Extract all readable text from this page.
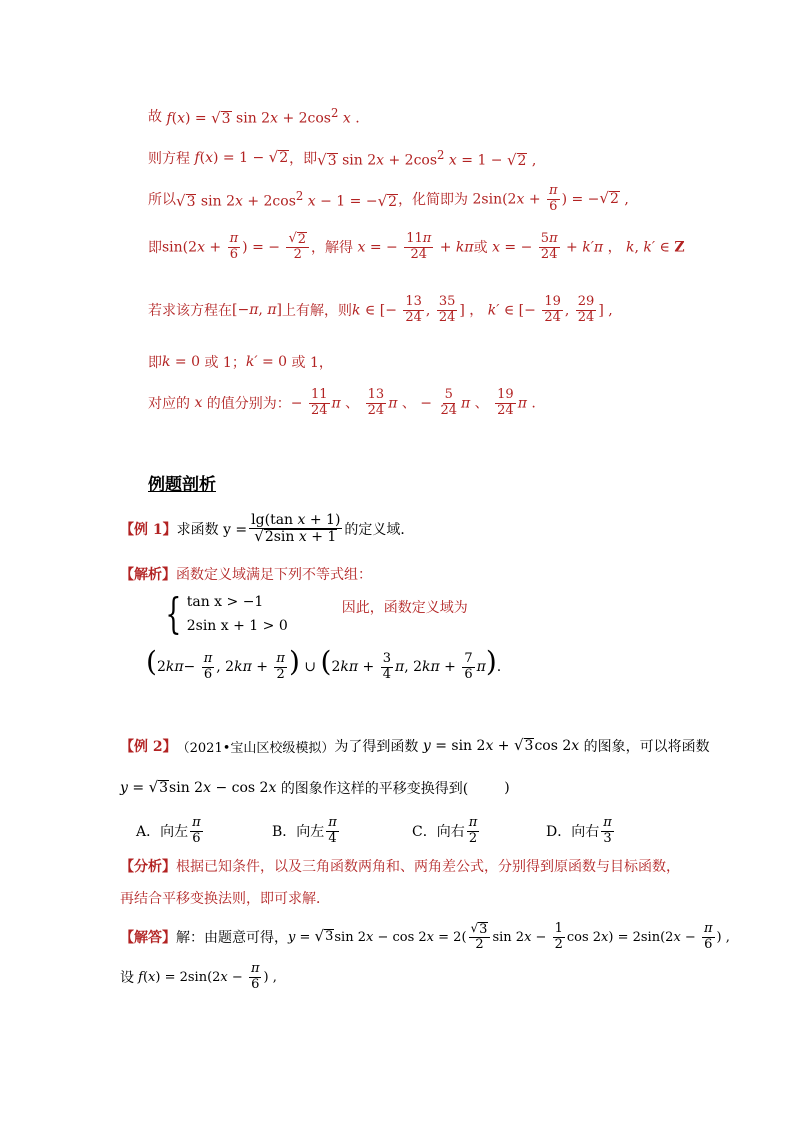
故 f(x) = √ 3 $\sin 2x + 2\cos^2$ x .
则方程 f(x) = 1 − √ 2 ，即 √ 3 $\sin 2x + 2\cos^2$ x = 1 − √ 2 ,
所以 √ 3 $\sin 2x + 2\cos^2$ x − 1 = − √ 2 ，化简即为 $2\sin(2x + \frac{\pi}{6}$ ) = − √ 2 ,
即 $\sin(2x + \frac{\pi}{6}$ ) = − $\frac{√ 2}{2}$ ，解得 x = − $\frac{11\pi}{24} + k\pi$ 或 x = − $\frac{5\pi}{24} + k'\pi$ ， k, k′ ∈ Z
若求该方程在 [−π, π] 上有解，则 k ∈ [− $\frac{13}{24}$ , $\frac{35}{24}$ ] ， k′ ∈ [− $\frac{19}{24}$ , $\frac{29}{24}$ ] ,
即 k = 0 或 1； k′ = 0 或 1，
对应的 x 的值分别为： − $\frac{11}{24}$ π 、 $\frac{13}{24}$ π 、 − $\frac{5}{24}$ π 、 $\frac{19}{24}$ π .
例题剖析
【例 1】 求函数 $y = \frac{\text{lg(tan x + 1)}}{\text{√ 2sin x + 1}}$ 的定义域．
【解析】 函数定义域满足下列不等式组：
{ tan x > −1
2sin x + 1 > 0
因此，函数定义域为
($2k\pi- \frac{\pi}{6}$ , $2k\pi + \frac{\pi}{2}$ ) ∪ ($2k\pi + \frac{3}{4} \pi$, $2k\pi + \frac{7}{6} \pi$).
【例 2】 （2021•宝山区校级模拟） 为了得到函数 y = sin 2x + √ 3 cos 2x 的图象，可以将函数
y = √ 3 sin 2x − cos 2x 的图象作这样的平移变换得到(	)
A．向左 $\frac{\pi}{6}$	B．向左 $\frac{\pi}{4}$	C．向右 $\frac{\pi}{2}$	D．向右 $\frac{\pi}{3}$
【分析】 根据已知条件，以及三角函数两角和、两角差公式，分别得到原函数与目标函数，
再结合平移变换法则，即可求解．
【解答】 解：由题意可得， y = √ 3 $\sin 2x - \cos 2x = 2( \frac{√ 3}{2}$ $\sin 2x - \frac{1}{2}$ $\cos 2x) = 2\sin(2x - \frac{\pi}{6}$ ) ,
设 $f(x) = 2\sin(2x - \frac{\pi}{6}$ ) ,
